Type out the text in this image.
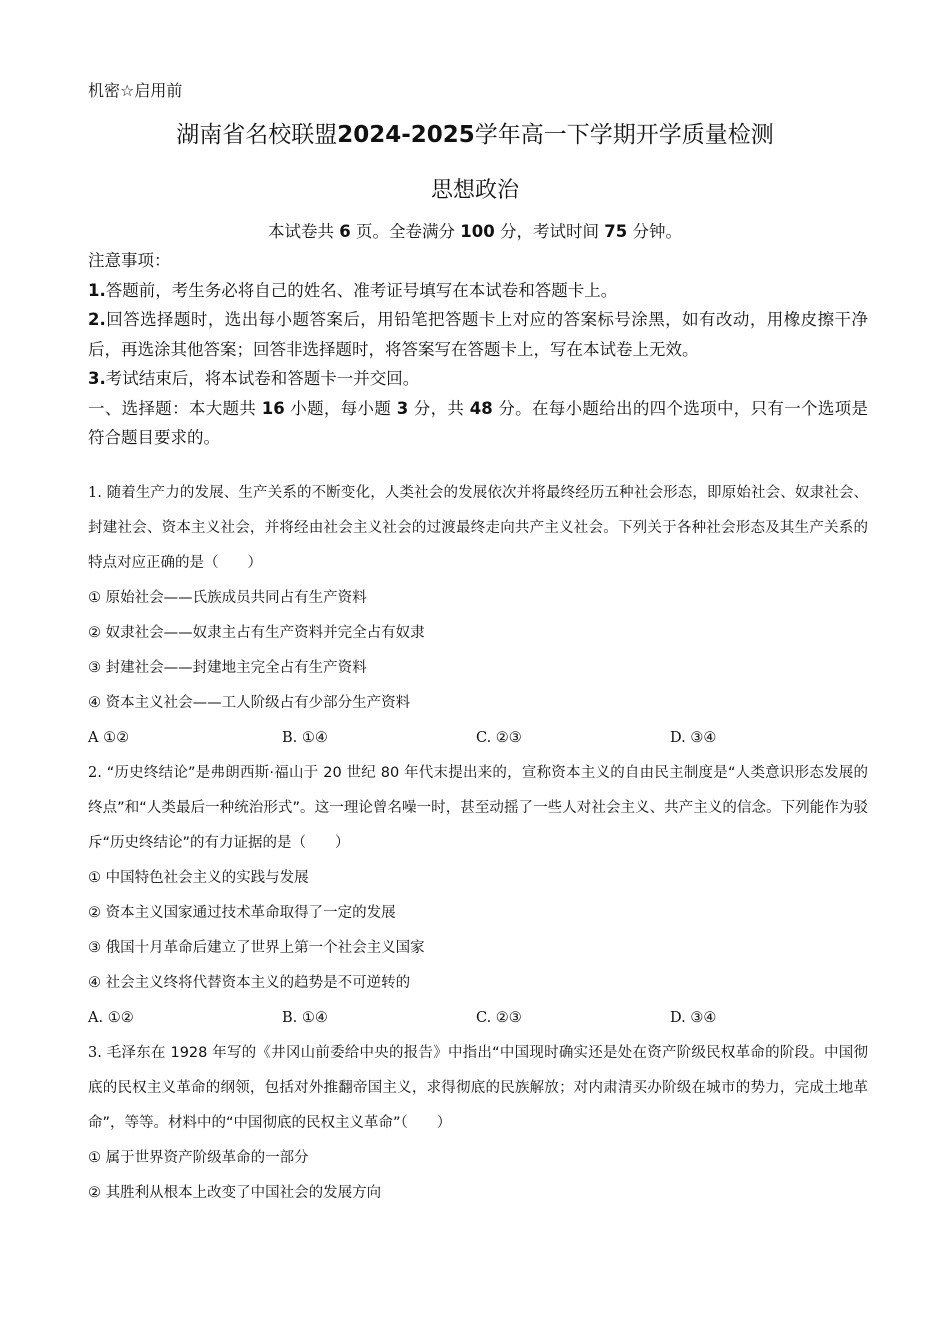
机密☆启用前
湖南省名校联盟2024-2025学年高一下学期开学质量检测
思想政治
本试卷共 6 页。全卷满分 100 分，考试时间 75 分钟。

注意事项：

1.答题前，考生务必将自己的姓名、准考证号填写在本试卷和答题卡上。

2.回答选择题时，选出每小题答案后，用铅笔把答题卡上对应的答案标号涂黑，如有改动，用橡皮擦干净后，再选涂其他答案；回答非选择题时，将答案写在答题卡上，写在本试卷上无效。

3.考试结束后，将本试卷和答题卡一并交回。

一、选择题：本大题共 16 小题，每小题 3 分，共 48 分。在每小题给出的四个选项中，只有一个选项是符合题目要求的。

1. 随着生产力的发展、生产关系的不断变化，人类社会的发展依次并将最终经历五种社会形态，即原始社会、奴隶社会、封建社会、资本主义社会，并将经由社会主义社会的过渡最终走向共产主义社会。下列关于各种社会形态及其生产关系的特点对应正确的是（　　）

① 原始社会——氏族成员共同占有生产资料

② 奴隶社会——奴隶主占有生产资料并完全占有奴隶

③ 封建社会——封建地主完全占有生产资料

④ 资本主义社会——工人阶级占有少部分生产资料

A ①②	B. ①④	C. ②③	D. ③④

2. “历史终结论”是弗朗西斯·福山于 20 世纪 80 年代末提出来的，宣称资本主义的自由民主制度是“人类意识形态发展的终点”和“人类最后一种统治形式”。这一理论曾名噪一时，甚至动摇了一些人对社会主义、共产主义的信念。下列能作为驳斥“历史终结论”的有力证据的是（　　）

① 中国特色社会主义的实践与发展

② 资本主义国家通过技术革命取得了一定的发展

③ 俄国十月革命后建立了世界上第一个社会主义国家

④ 社会主义终将代替资本主义的趋势是不可逆转的

A. ①②	B. ①④	C. ②③	D. ③④

3. 毛泽东在 1928 年写的《井冈山前委给中央的报告》中指出“中国现时确实还是处在资产阶级民权革命的阶段。中国彻底的民权主义革命的纲领，包括对外推翻帝国主义，求得彻底的民族解放；对内肃清买办阶级在城市的势力，完成土地革命”，等等。材料中的“中国彻底的民权主义革命”（　　）

① 属于世界资产阶级革命的一部分

② 其胜利从根本上改变了中国社会的发展方向
